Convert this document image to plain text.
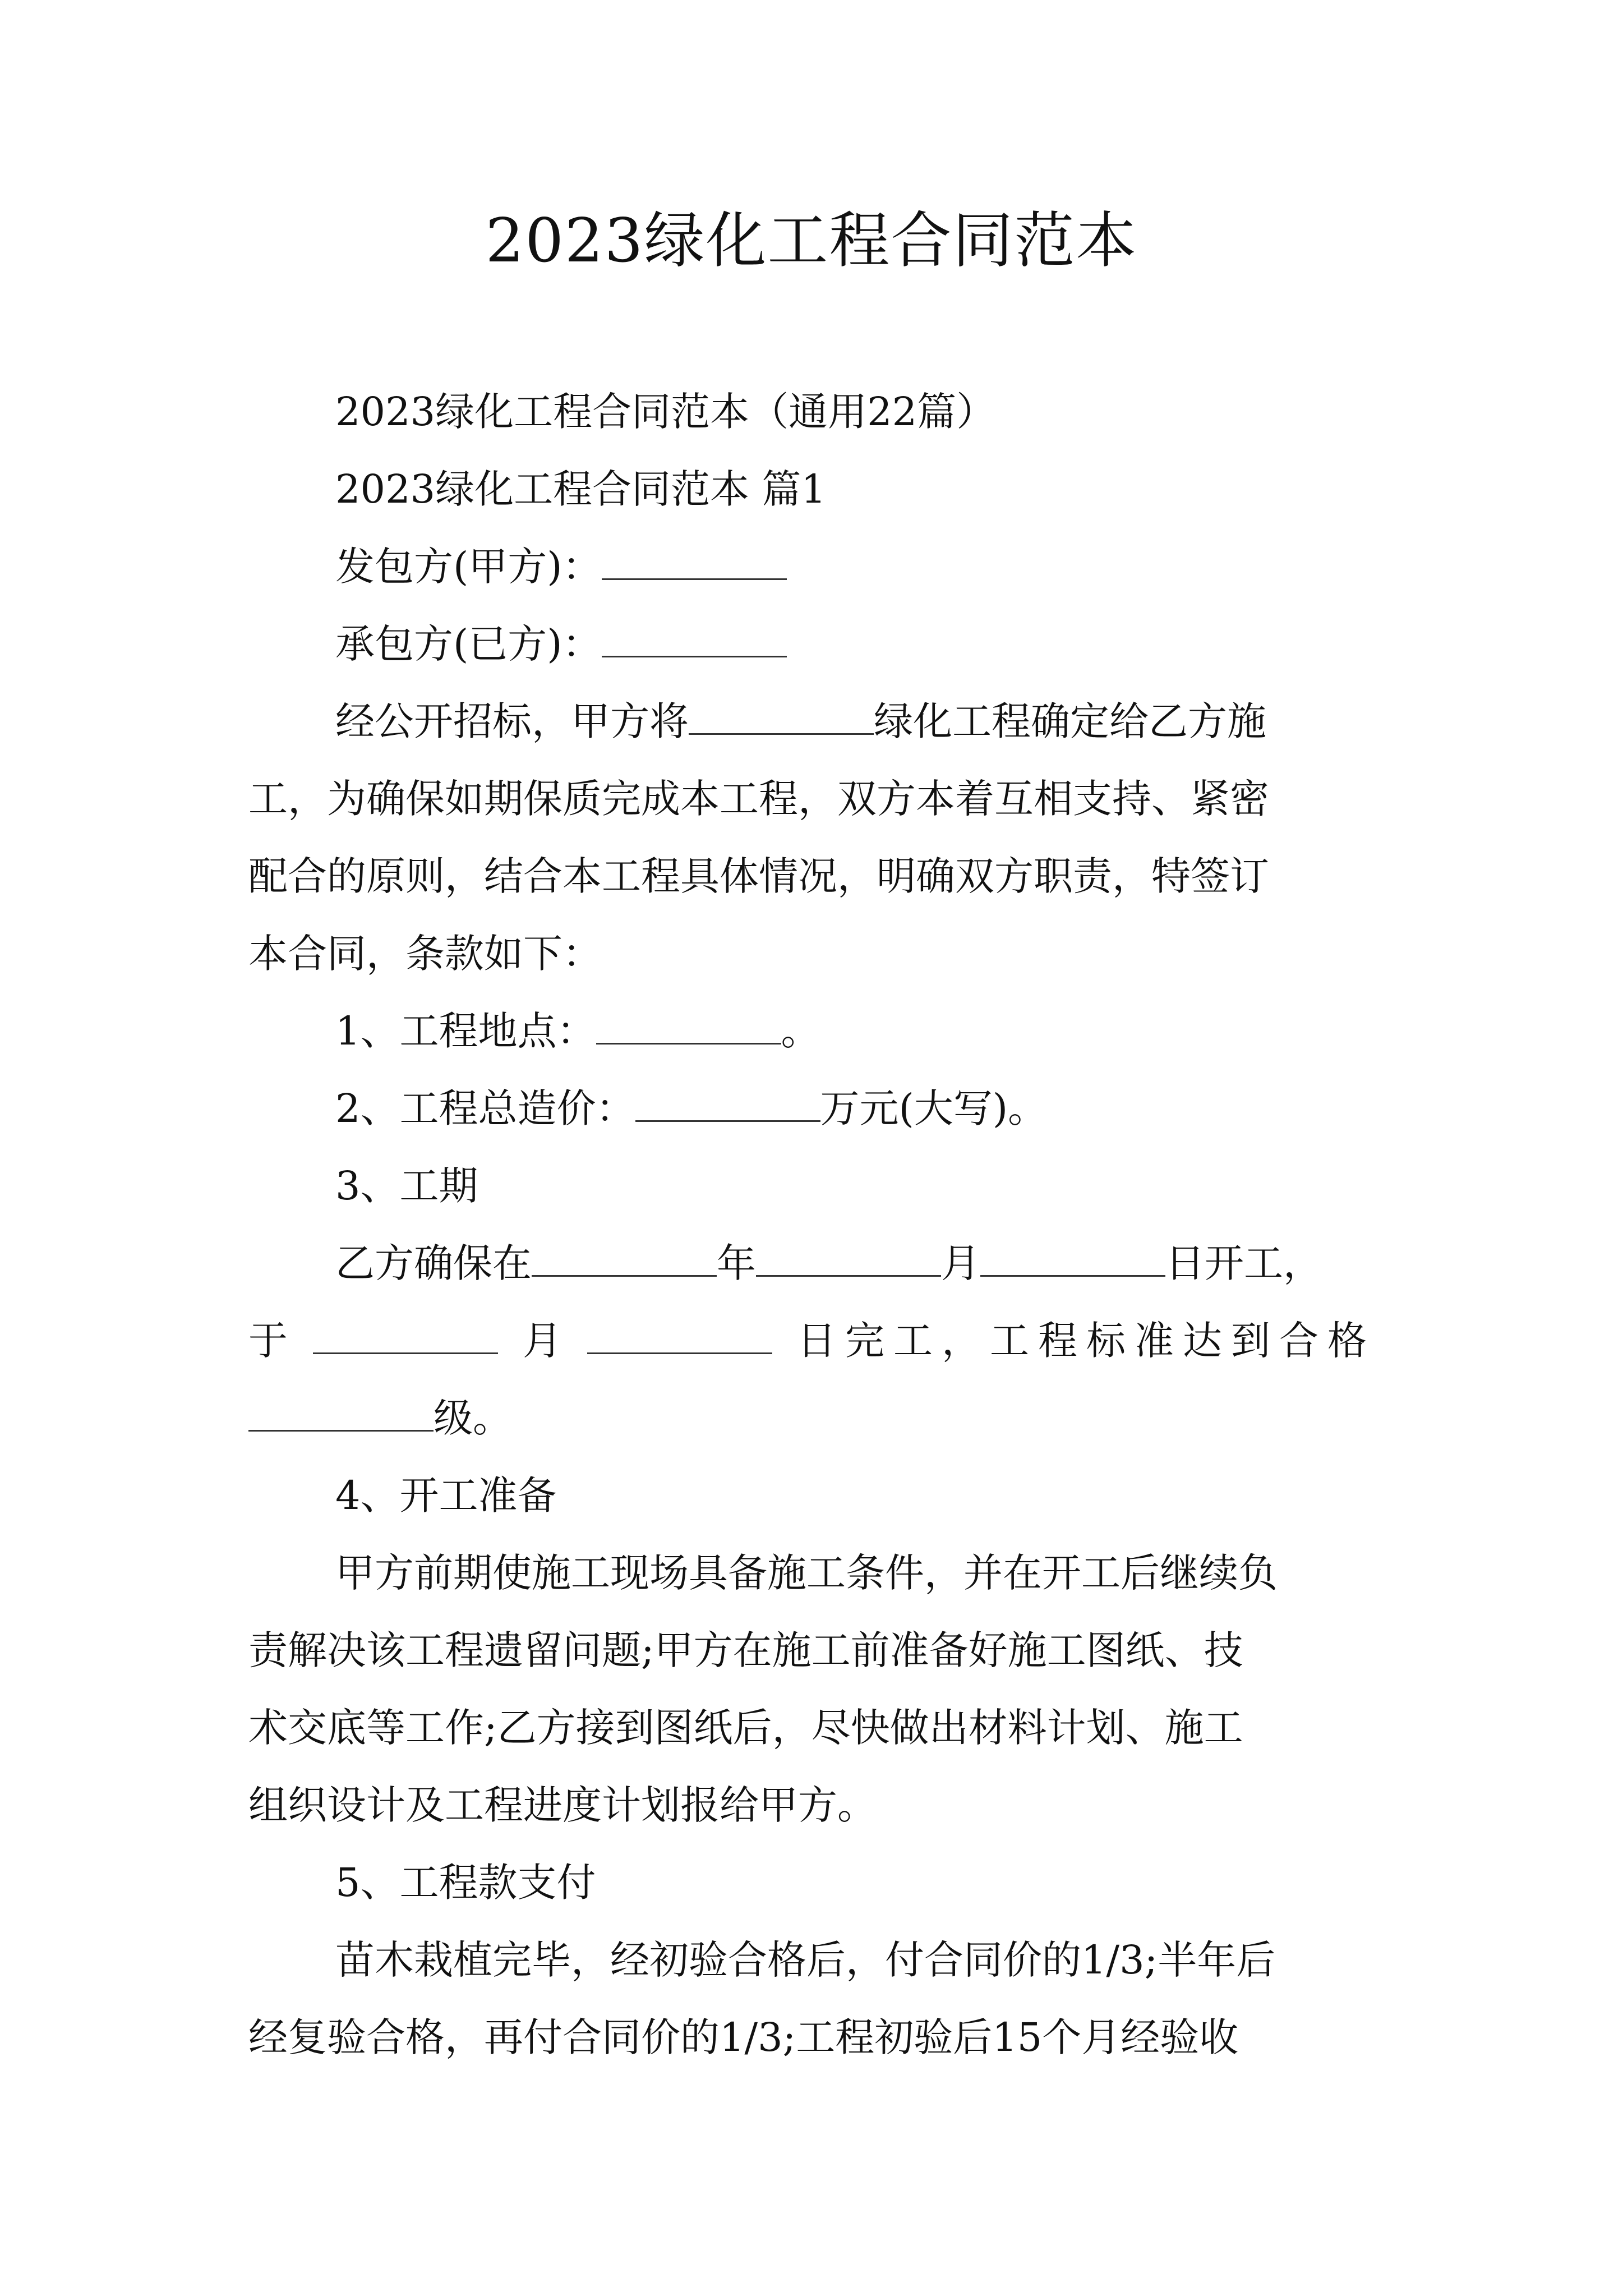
2023绿化工程合同范本

2023绿化工程合同范本（通用22篇）

2023绿化工程合同范本 篇1

发包方(甲方)：

承包方(已方)：

经公开招标，甲方将	绿化工程确定给乙方施

工，为确保如期保质完成本工程，双方本着互相支持、紧密

配合的原则，结合本工程具体情况，明确双方职责，特签订

本合同，条款如下：

1、工程地点：	。

2、工程总造价：	万元(大写)。

3、工期

乙方确保在	年	月	日开工，

于	月	日完工，工程标准达到合格

级。

4、开工准备

甲方前期使施工现场具备施工条件，并在开工后继续负

责解决该工程遗留问题;甲方在施工前准备好施工图纸、技

术交底等工作;乙方接到图纸后，尽快做出材料计划、施工

组织设计及工程进度计划报给甲方。

5、工程款支付

苗木栽植完毕，经初验合格后，付合同价的1/3;半年后

经复验合格，再付合同价的1/3;工程初验后15个月经验收
